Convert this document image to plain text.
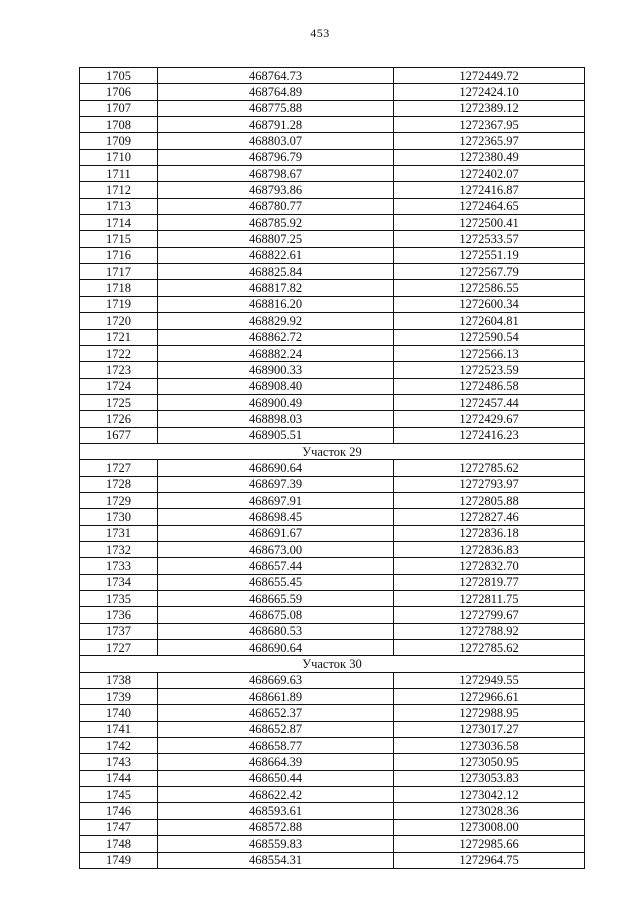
453
1705	468764.73	1272449.72
1706	468764.89	1272424.10
1707	468775.88	1272389.12
1708	468791.28	1272367.95
1709	468803.07	1272365.97
1710	468796.79	1272380.49
1711	468798.67	1272402.07
1712	468793.86	1272416.87
1713	468780.77	1272464.65
1714	468785.92	1272500.41
1715	468807.25	1272533.57
1716	468822.61	1272551.19
1717	468825.84	1272567.79
1718	468817.82	1272586.55
1719	468816.20	1272600.34
1720	468829.92	1272604.81
1721	468862.72	1272590.54
1722	468882.24	1272566.13
1723	468900.33	1272523.59
1724	468908.40	1272486.58
1725	468900.49	1272457.44
1726	468898.03	1272429.67
1677	468905.51	1272416.23
Участок 29		
1727	468690.64	1272785.62
1728	468697.39	1272793.97
1729	468697.91	1272805.88
1730	468698.45	1272827.46
1731	468691.67	1272836.18
1732	468673.00	1272836.83
1733	468657.44	1272832.70
1734	468655.45	1272819.77
1735	468665.59	1272811.75
1736	468675.08	1272799.67
1737	468680.53	1272788.92
1727	468690.64	1272785.62
Участок 30		
1738	468669.63	1272949.55
1739	468661.89	1272966.61
1740	468652.37	1272988.95
1741	468652.87	1273017.27
1742	468658.77	1273036.58
1743	468664.39	1273050.95
1744	468650.44	1273053.83
1745	468622.42	1273042.12
1746	468593.61	1273028.36
1747	468572.88	1273008.00
1748	468559.83	1272985.66
1749	468554.31	1272964.75
